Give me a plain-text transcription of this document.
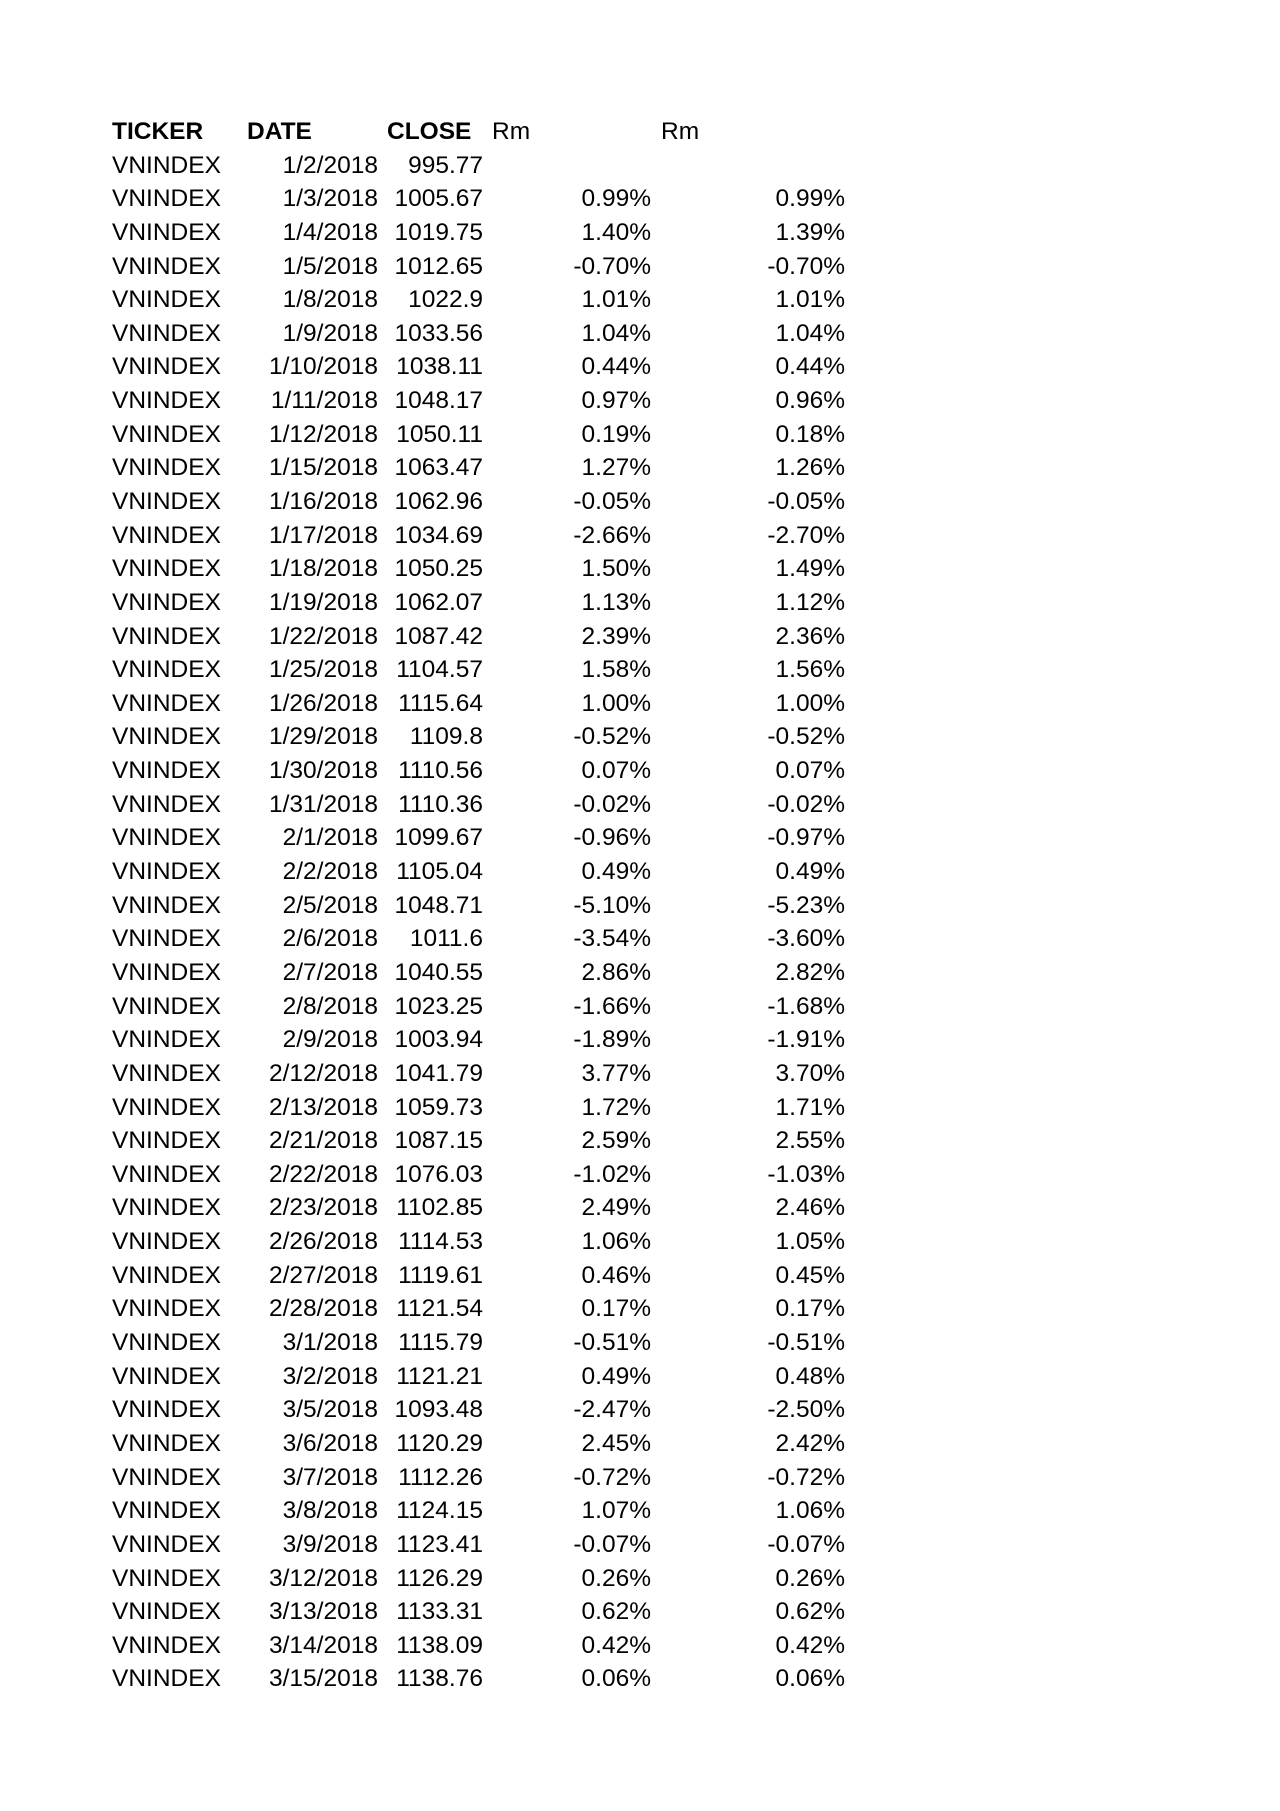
TICKER DATE	CLOSE Rm	Rm
VNINDEX	1/2/2018 995.77
VNINDEX	1/3/2018 1005.67	0.99%	0.99%
VNINDEX	1/4/2018 1019.75	1.40%	1.39%
VNINDEX	1/5/2018 1012.65	-0.70%	-0.70%
VNINDEX	1/8/2018 1022.9	1.01%	1.01%
VNINDEX	1/9/2018 1033.56	1.04%	1.04%
VNINDEX 1/10/2018 1038.11	0.44%	0.44%
VNINDEX 1/11/2018 1048.17	0.97%	0.96%
VNINDEX 1/12/2018 1050.11	0.19%	0.18%
VNINDEX 1/15/2018 1063.47	1.27%	1.26%
VNINDEX 1/16/2018 1062.96	-0.05%	-0.05%
VNINDEX 1/17/2018 1034.69	-2.66%	-2.70%
VNINDEX 1/18/2018 1050.25	1.50%	1.49%
VNINDEX 1/19/2018 1062.07	1.13%	1.12%
VNINDEX 1/22/2018 1087.42	2.39%	2.36%
VNINDEX 1/25/2018 1104.57	1.58%	1.56%
VNINDEX 1/26/2018 1115.64	1.00%	1.00%
VNINDEX 1/29/2018 1109.8	-0.52%	-0.52%
VNINDEX 1/30/2018 1110.56	0.07%	0.07%
VNINDEX 1/31/2018 1110.36	-0.02%	-0.02%
VNINDEX	2/1/2018 1099.67	-0.96%	-0.97%
VNINDEX	2/2/2018 1105.04	0.49%	0.49%
VNINDEX	2/5/2018 1048.71	-5.10%	-5.23%
VNINDEX	2/6/2018 1011.6	-3.54%	-3.60%
VNINDEX	2/7/2018 1040.55	2.86%	2.82%
VNINDEX	2/8/2018 1023.25	-1.66%	-1.68%
VNINDEX	2/9/2018 1003.94	-1.89%	-1.91%
VNINDEX 2/12/2018 1041.79	3.77%	3.70%
VNINDEX 2/13/2018 1059.73	1.72%	1.71%
VNINDEX 2/21/2018 1087.15	2.59%	2.55%
VNINDEX 2/22/2018 1076.03	-1.02%	-1.03%
VNINDEX 2/23/2018 1102.85	2.49%	2.46%
VNINDEX 2/26/2018 1114.53	1.06%	1.05%
VNINDEX 2/27/2018 1119.61	0.46%	0.45%
VNINDEX 2/28/2018 1121.54	0.17%	0.17%
VNINDEX	3/1/2018 1115.79	-0.51%	-0.51%
VNINDEX	3/2/2018 1121.21	0.49%	0.48%
VNINDEX	3/5/2018 1093.48	-2.47%	-2.50%
VNINDEX	3/6/2018 1120.29	2.45%	2.42%
VNINDEX	3/7/2018 1112.26	-0.72%	-0.72%
VNINDEX	3/8/2018 1124.15	1.07%	1.06%
VNINDEX	3/9/2018 1123.41	-0.07%	-0.07%
VNINDEX 3/12/2018 1126.29	0.26%	0.26%
VNINDEX 3/13/2018 1133.31	0.62%	0.62%
VNINDEX 3/14/2018 1138.09	0.42%	0.42%
VNINDEX 3/15/2018 1138.76	0.06%	0.06%
